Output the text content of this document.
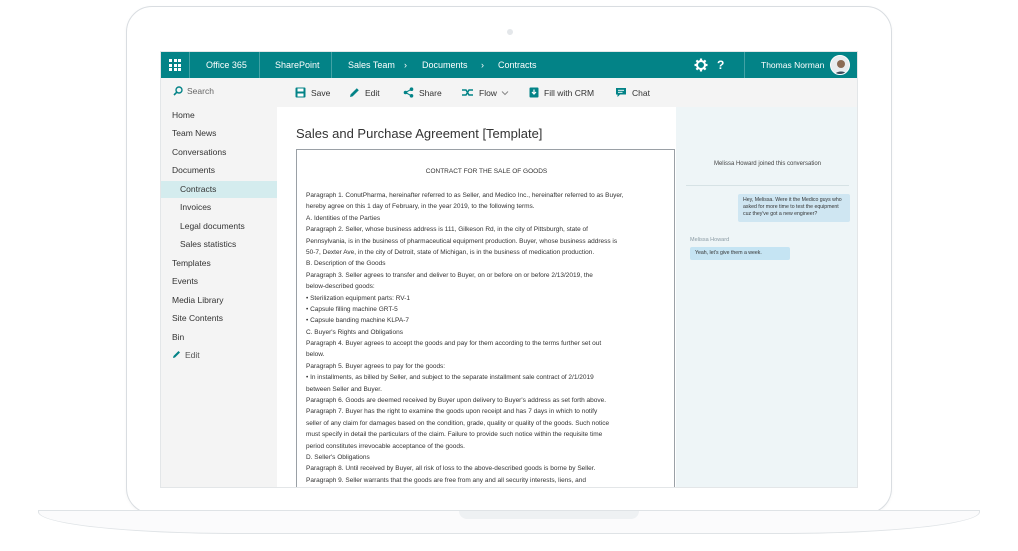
Office 365	SharePoint	Sales Team › Documents › Contracts	?	Thomas Norman
Search
Home
Team News
Conversations
Documents
Contracts
Invoices
Legal documents
Sales statistics
Templates
Events
Media Library
Site Contents
Bin
Edit
Save	Edit	Share	Flow	Fill with CRM	Chat
Sales and Purchase Agreement [Template]
CONTRACT FOR THE SALE OF GOODS
Paragraph 1. ConutPharma, hereinafter referred to as Seller, and Medico Inc., hereinafter referred to as Buyer,
hereby agree on this 1 day of February, in the year 2019, to the following terms.
A. Identities of the Parties
Paragraph 2. Seller, whose business address is 111, Gilkeson Rd, in the city of Pittsburgh, state of
Pennsylvania, is in the business of pharmaceutical equipment production. Buyer, whose business address is
50-7, Dexter Ave, in the city of Detroit, state of Michigan, is in the business of medication production.
B. Description of the Goods
Paragraph 3. Seller agrees to transfer and deliver to Buyer, on or before on or before 2/13/2019, the
below-described goods:
• Sterilization equipment parts: RV-1
• Capsule filling machine GRT-5
• Capsule banding machine KLPA-7
C. Buyer's Rights and Obligations
Paragraph 4. Buyer agrees to accept the goods and pay for them according to the terms further set out
below.
Paragraph 5. Buyer agrees to pay for the goods:
• In installments, as billed by Seller, and subject to the separate installment sale contract of 2/1/2019
between Seller and Buyer.
Paragraph 6. Goods are deemed received by Buyer upon delivery to Buyer's address as set forth above.
Paragraph 7. Buyer has the right to examine the goods upon receipt and has 7 days in which to notify
seller of any claim for damages based on the condition, grade, quality or quality of the goods. Such notice
must specify in detail the particulars of the claim. Failure to provide such notice within the requisite time
period constitutes irrevocable acceptance of the goods.
D. Seller's Obligations
Paragraph 8. Until received by Buyer, all risk of loss to the above-described goods is borne by Seller.
Paragraph 9. Seller warrants that the goods are free from any and all security interests, liens, and
Melissa Howard joined this conversation
Hey, Melissa. Were it the Medico guys who asked for more time to test the equipment cuz they've got a new engineer?
Melissa Howard
Yeah, let's give them a week.
